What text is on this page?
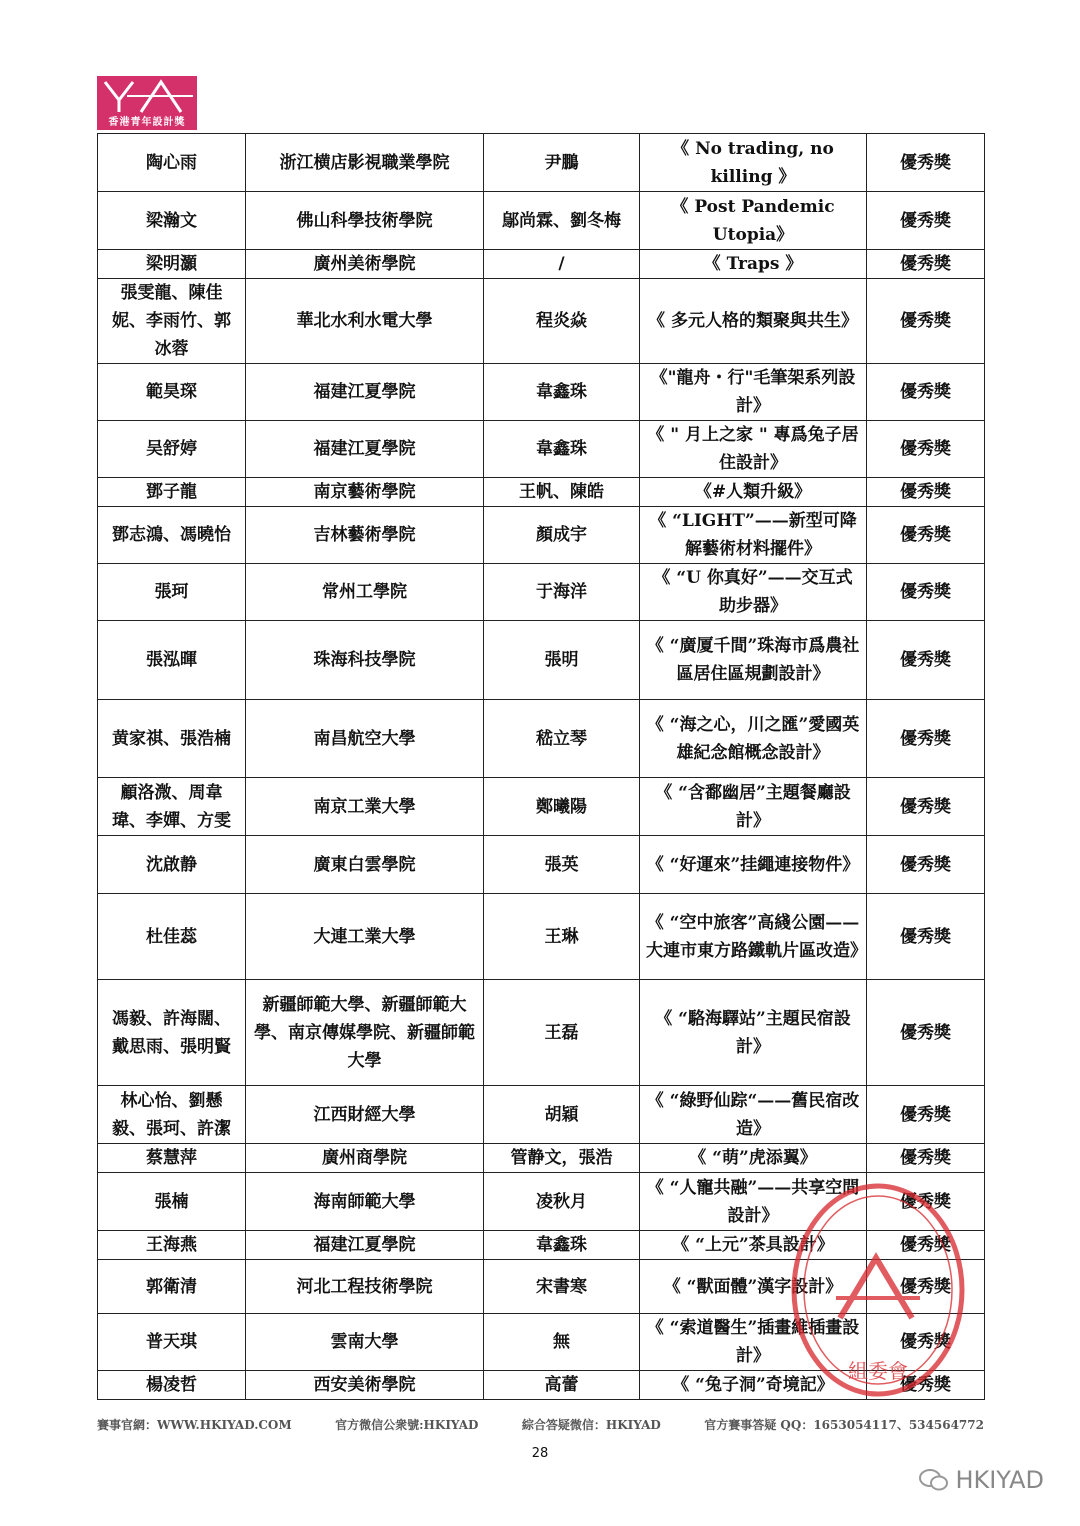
香港青年設計獎
陶心雨	浙江横店影視職業學院	尹鵬	《 No trading, no killing 》	優秀獎
梁瀚文	佛山科學技術學院	鄔尚霖、劉冬梅	《 Post Pandemic Utopia》	優秀獎
梁明灝	廣州美術學院	/	《 Traps 》	優秀獎
張雯龍、陳佳妮、李雨竹、郭冰蓉	華北水利水電大學	程炎焱	《 多元人格的類聚與共生》	優秀獎
範昊琛	福建江夏學院	韋鑫珠	《"龍舟・行"毛筆架系列設計》	優秀獎
吴舒婷	福建江夏學院	韋鑫珠	《 " 月上之家 " 專爲兔子居住設計》	優秀獎
鄧子龍	南京藝術學院	王帆、陳皓	《#人類升級》	優秀獎
鄧志鴻、馮曉怡	吉林藝術學院	顏成宇	《 “LIGHT”——新型可降解藝術材料擺件》	優秀獎
張珂	常州工學院	于海洋	《 “U 你真好”——交互式助步器》	優秀獎
張泓暉	珠海科技學院	張明	《 “廣厦千間”珠海市爲農社區居住區規劃設計》	優秀獎
黄家祺、張浩楠	南昌航空大學	嵇立琴	《 “海之心，川之匯”愛國英雄紀念館概念設計》	優秀獎
顧洛溦、周韋瑋、李嬋、方雯	南京工業大學	鄭曦陽	《 “含鄱幽居”主題餐廳設計》	優秀獎
沈啟静	廣東白雲學院	張英	《 “好運來”挂繩連接物件》	優秀獎
杜佳蕊	大連工業大學	王琳	《 “空中旅客”高綫公園——大連市東方路鐵軌片區改造》	優秀獎
馮毅、許海闊、戴思雨、張明賢	新疆師範大學、新疆師範大學、南京傳媒學院、新疆師範大學	王磊	《 “駱海驛站”主題民宿設計》	優秀獎
林心怡、劉懸毅、張珂、許潔	江西財經大學	胡穎	《 “綠野仙踪“——舊民宿改造》	優秀獎
蔡慧萍	廣州商學院	管静文，張浩	《 “萌”虎添翼》	優秀獎
張楠	海南師範大學	凌秋月	《 “人寵共融”——共享空間設計》	優秀獎
王海燕	福建江夏學院	韋鑫珠	《 “上元”茶具設計》	優秀獎
郭衛清	河北工程技術學院	宋書寒	《 “獸面體”漢字設計》	優秀獎
普天琪	雲南大學	無	《 “索道醫生”插畫維插畫設計》	優秀獎
楊凌哲	西安美術學院	高蕾	《 “兔子洞”奇境記》	優秀獎
組委會
賽事官網：WWW.HKIYAD.COM	官方微信公衆號:HKIYAD	綜合答疑微信：HKIYAD	官方賽事答疑 QQ：1653054117、534564772
28
HKIYAD
